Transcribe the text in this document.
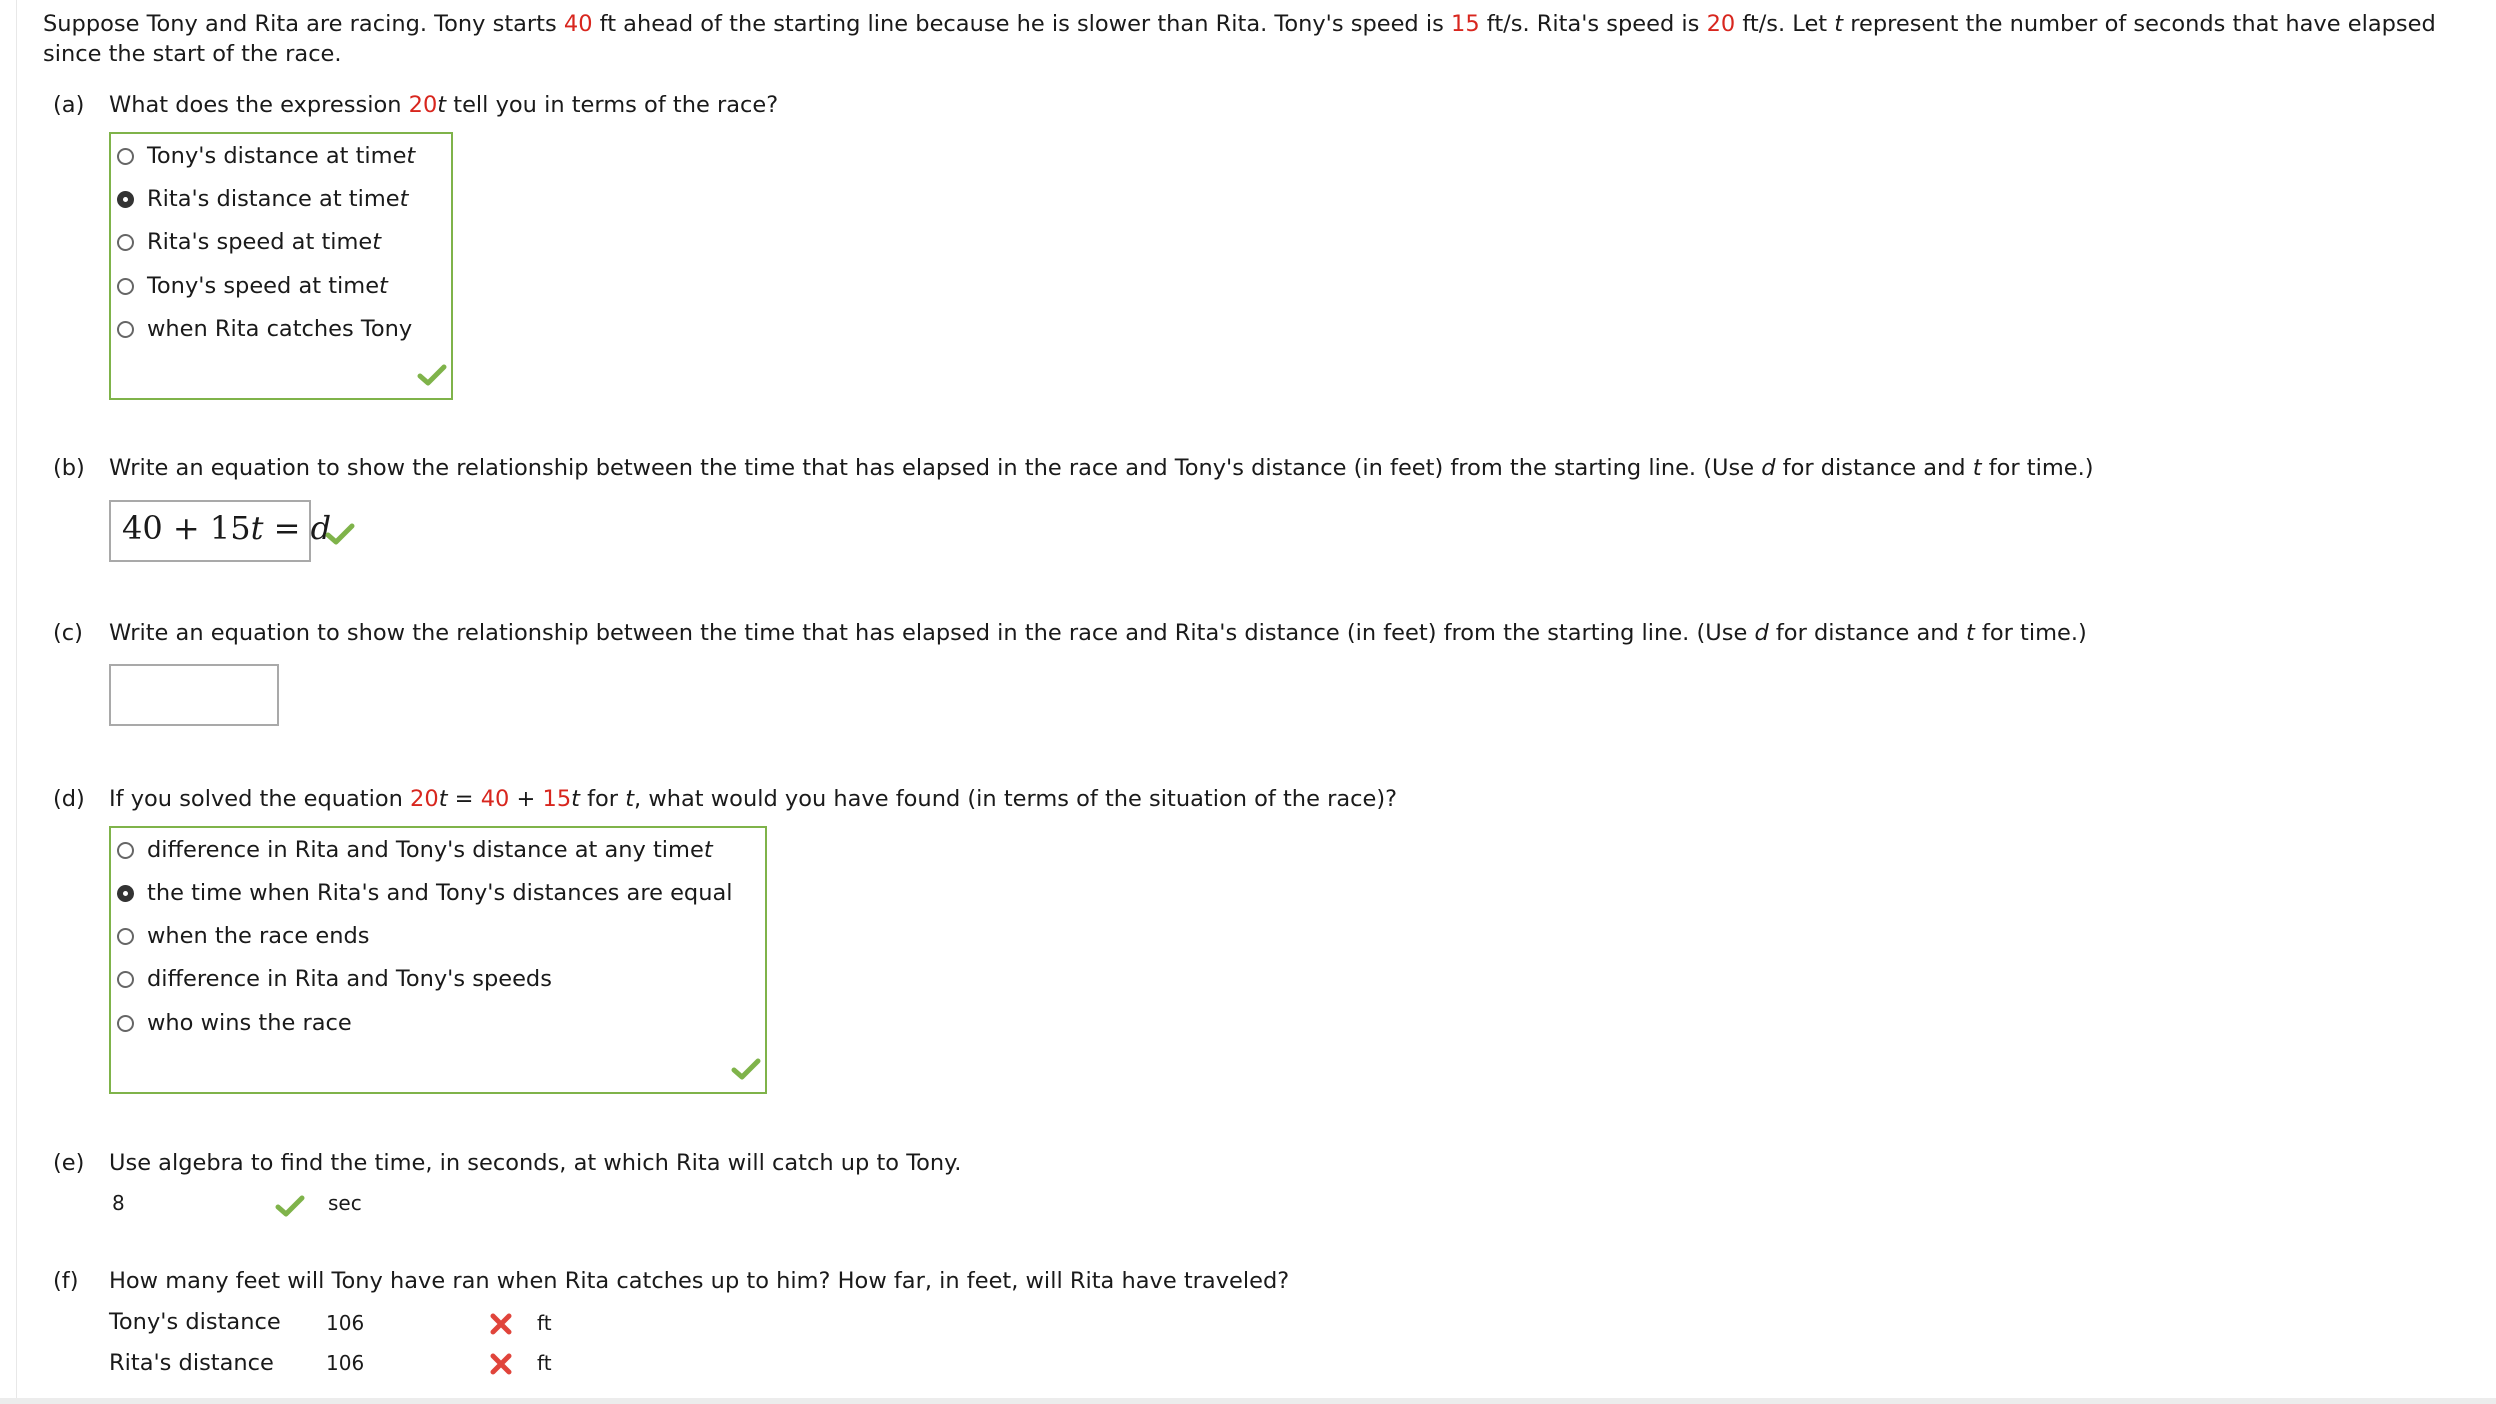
Suppose Tony and Rita are racing. Tony starts 40 ft ahead of the starting line because he is slower than Rita. Tony's speed is 15 ft/s. Rita's speed is 20 ft/s. Let t represent the number of seconds that have elapsed since the start of the race.
(a) What does the expression 20t tell you in terms of the race?
Tony's distance at time t
Rita's distance at time t
Rita's speed at time t
Tony's speed at time t
when Rita catches Tony
(b) Write an equation to show the relationship between the time that has elapsed in the race and Tony's distance (in feet) from the starting line. (Use d for distance and t for time.)
40 + 15t = d
(c) Write an equation to show the relationship between the time that has elapsed in the race and Rita's distance (in feet) from the starting line. (Use d for distance and t for time.)
(d) If you solved the equation 20t = 40 + 15t for t, what would you have found (in terms of the situation of the race)?
difference in Rita and Tony's distance at any time t
the time when Rita's and Tony's distances are equal
when the race ends
difference in Rita and Tony's speeds
who wins the race
(e) Use algebra to find the time, in seconds, at which Rita will catch up to Tony.
8	sec
(f) How many feet will Tony have ran when Rita catches up to him? How far, in feet, will Rita have traveled?
Tony's distance 106	ft
Rita's distance	106	ft
